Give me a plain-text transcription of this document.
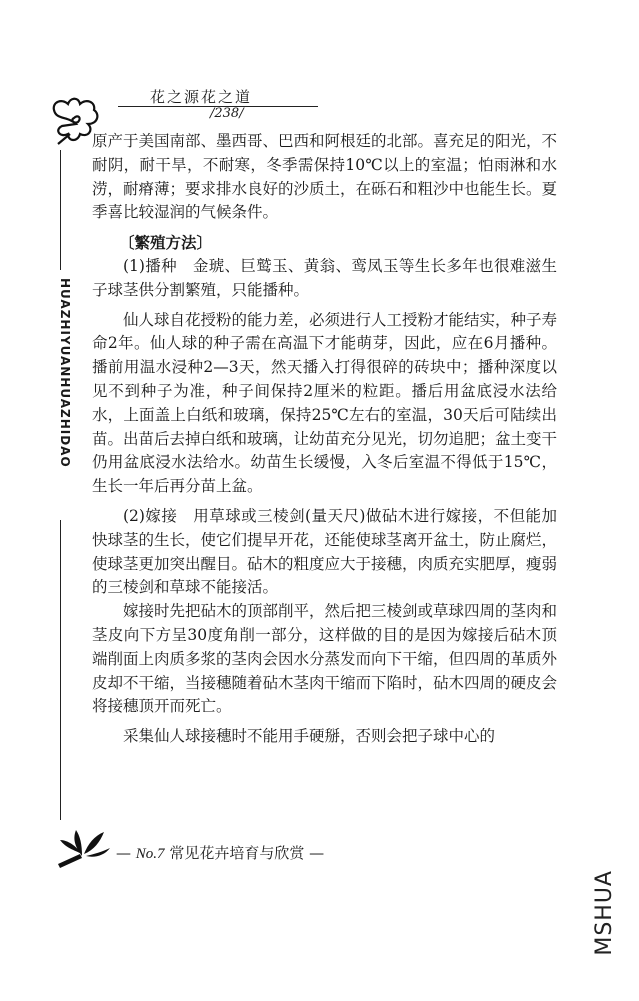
花之源花之道
/238/
HUAZHIYUANHUAZHIDAO

原产于美国南部、墨西哥、巴西和阿根廷的北部。喜充足的阳光，不耐阴，耐干旱，不耐寒，冬季需保持10℃以上的室温；怕雨淋和水涝，耐瘠薄；要求排水良好的沙质土，在砾石和粗沙中也能生长。夏季喜比较湿润的气候条件。

〔繁殖方法〕

(1)播种　金琥、巨鹫玉、黄翁、鸾凤玉等生长多年也很难滋生子球茎供分割繁殖，只能播种。

仙人球自花授粉的能力差，必须进行人工授粉才能结实，种子寿命2年。仙人球的种子需在高温下才能萌芽，因此，应在6月播种。播前用温水浸种2—3天，然天播入打得很碎的砖块中；播种深度以见不到种子为准，种子间保持2厘米的粒距。播后用盆底浸水法给水，上面盖上白纸和玻璃，保持25℃左右的室温，30天后可陆续出苗。出苗后去掉白纸和玻璃，让幼苗充分见光，切勿追肥；盆土变干仍用盆底浸水法给水。幼苗生长缓慢，入冬后室温不得低于15℃，生长一年后再分苗上盆。

(2)嫁接　用草球或三棱剑(量天尺)做砧木进行嫁接，不但能加快球茎的生长，使它们提早开花，还能使球茎离开盆土，防止腐烂，使球茎更加突出醒目。砧木的粗度应大于接穗，肉质充实肥厚，瘦弱的三棱剑和草球不能接活。

嫁接时先把砧木的顶部削平，然后把三棱剑或草球四周的茎肉和茎皮向下方呈30度角削一部分，这样做的目的是因为嫁接后砧木顶端削面上肉质多浆的茎肉会因水分蒸发而向下干缩，但四周的革质外皮却不干缩，当接穗随着砧木茎肉干缩而下陷时，砧木四周的硬皮会将接穗顶开而死亡。

采集仙人球接穗时不能用手硬掰，否则会把子球中心的

— No.7 常见花卉培育与欣赏 —
MSHUA
